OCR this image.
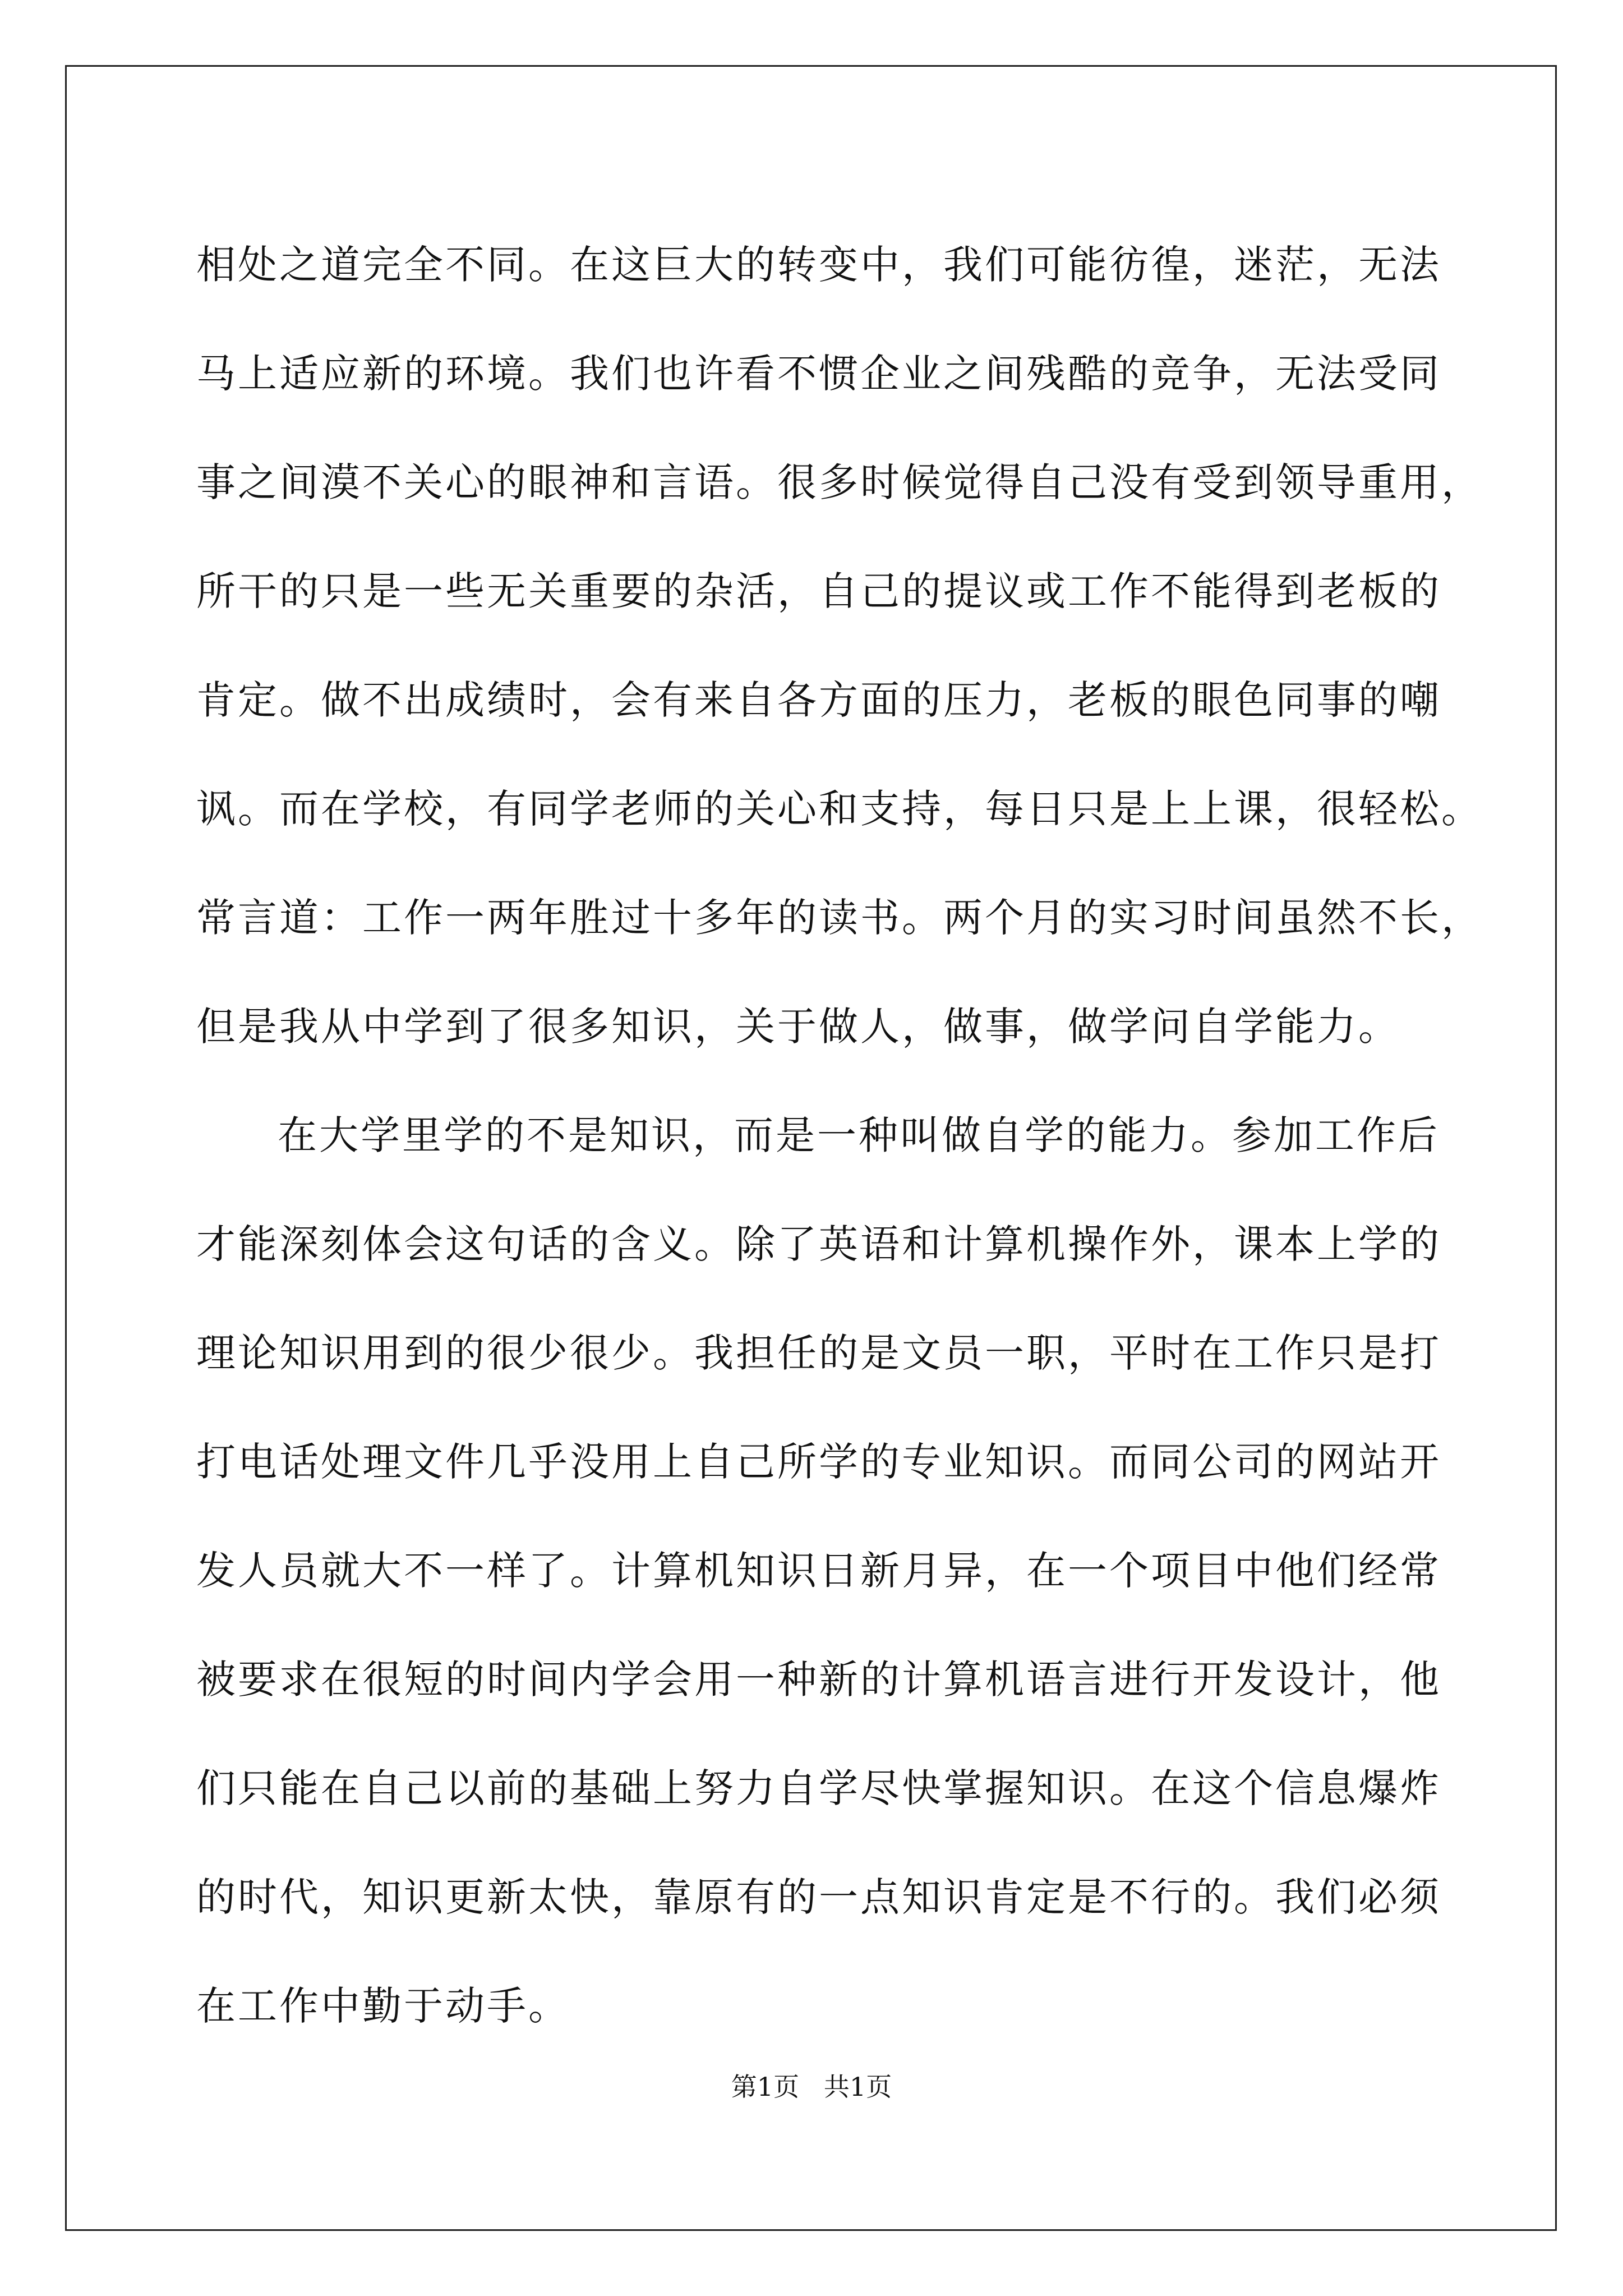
相处之道完全不同。在这巨大的转变中，我们可能彷徨，迷茫，无法
马上适应新的环境。我们也许看不惯企业之间残酷的竞争，无法受同
事之间漠不关心的眼神和言语。很多时候觉得自己没有受到领导重用，
所干的只是一些无关重要的杂活，自己的提议或工作不能得到老板的
肯定。做不出成绩时，会有来自各方面的压力，老板的眼色同事的嘲
讽。而在学校，有同学老师的关心和支持，每日只是上上课，很轻松。
常言道：工作一两年胜过十多年的读书。两个月的实习时间虽然不长，
但是我从中学到了很多知识，关于做人，做事，做学问自学能力。

在大学里学的不是知识，而是一种叫做自学的能力。参加工作后
才能深刻体会这句话的含义。除了英语和计算机操作外，课本上学的
理论知识用到的很少很少。我担任的是文员一职，平时在工作只是打
打电话处理文件几乎没用上自己所学的专业知识。而同公司的网站开
发人员就大不一样了。计算机知识日新月异，在一个项目中他们经常
被要求在很短的时间内学会用一种新的计算机语言进行开发设计，他
们只能在自己以前的基础上努力自学尽快掌握知识。在这个信息爆炸
的时代，知识更新太快，靠原有的一点知识肯定是不行的。我们必须
在工作中勤于动手。

第1页   共1页
